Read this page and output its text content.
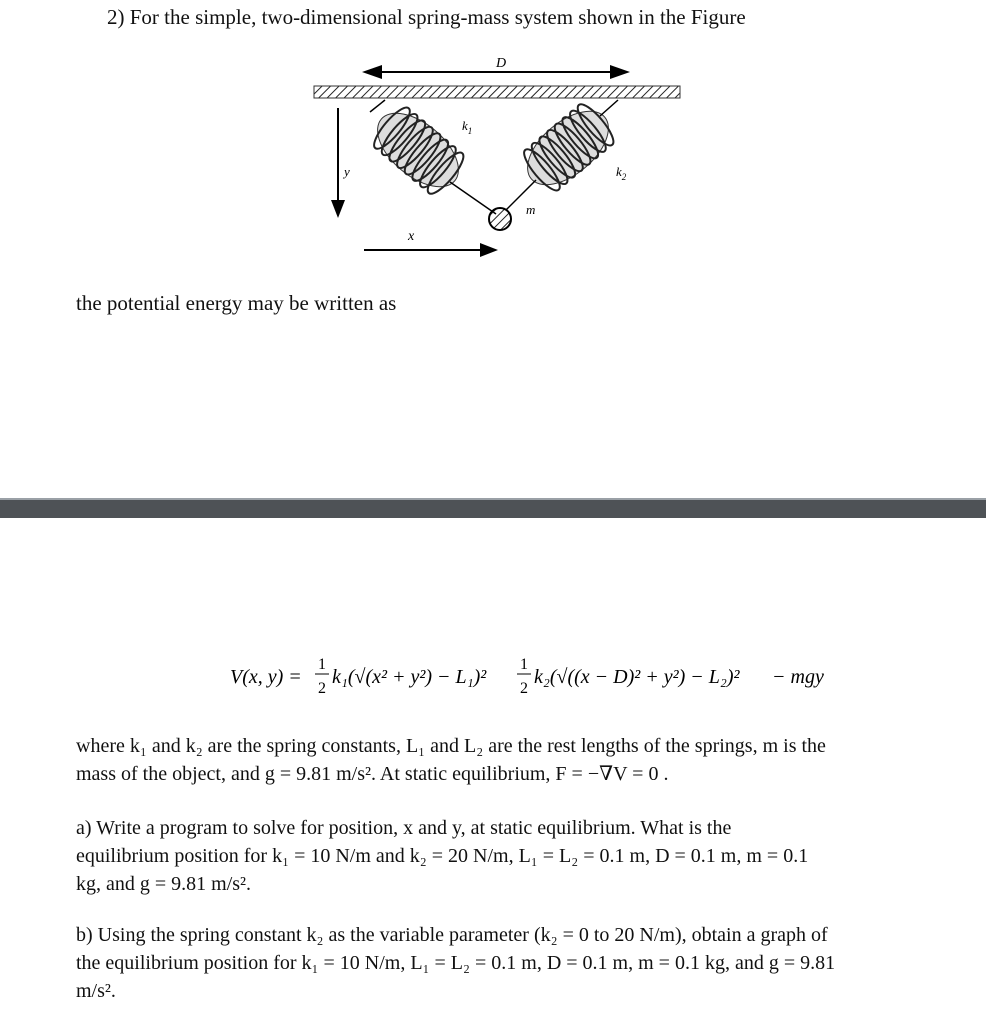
2) For the simple, two-dimensional spring-mass system shown in the Figure
D
$k_1$
$k_2$
m
y
x
the potential energy may be written as
V(x, y) =
1
2
k₁(√(x² + y²) − L₁)²
1
2
k₂(√((x − D)² + y²) − L₂)² − mgy
where k₁ and k₂ are the spring constants, L₁ and L₂ are the rest lengths of the springs, m is the
mass of the object, and g = 9.81 m/s². At static equilibrium, F = −∇V = 0 .
a) Write a program to solve for position, x and y, at static equilibrium. What is the
equilibrium position for k₁ = 10 N/m and k₂ = 20 N/m, L₁ = L₂ = 0.1 m, D = 0.1 m, m = 0.1
kg, and g = 9.81 m/s².
b) Using the spring constant k₂ as the variable parameter (k₂ = 0 to 20 N/m), obtain a graph of
the equilibrium position for k₁ = 10 N/m, L₁ = L₂ = 0.1 m, D = 0.1 m, m = 0.1 kg, and g = 9.81
m/s².
